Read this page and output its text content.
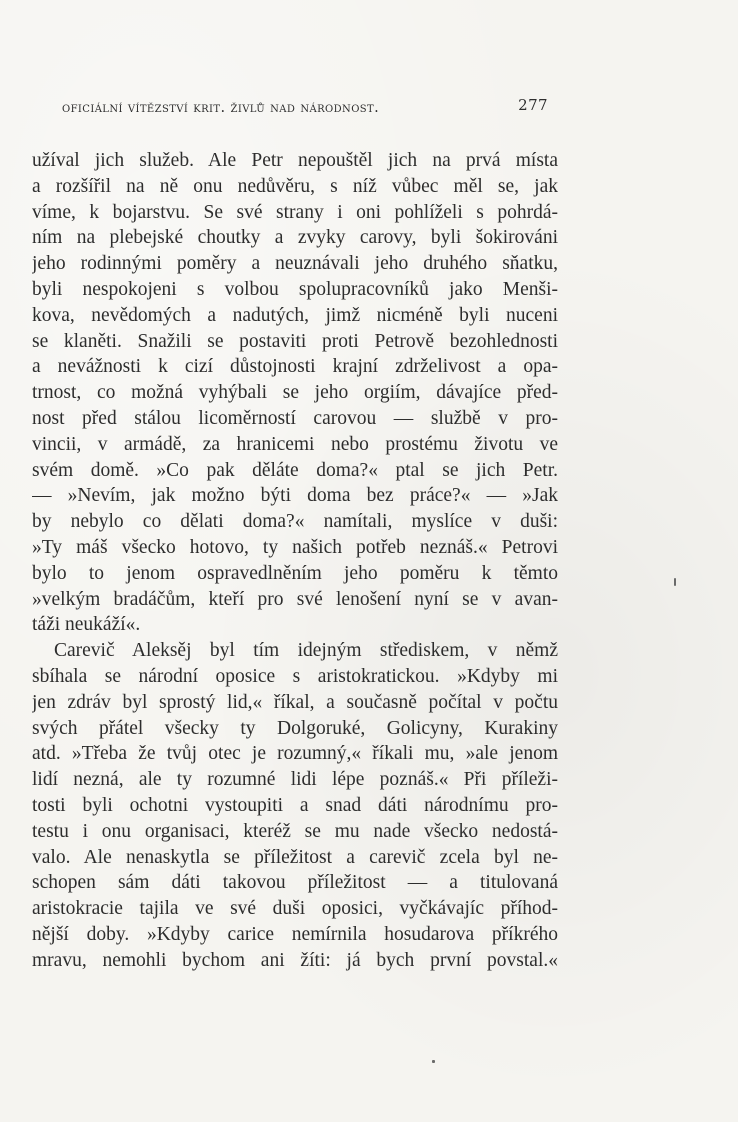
oficiální vítězství krit. živlů nad národnost.	277
užíval jich služeb. Ale Petr nepouštěl jich na prvá místa
a rozšířil na ně onu nedůvěru, s níž vůbec měl se, jak
víme, k bojarstvu. Se své strany i oni pohlíželi s pohrdá-
ním na plebejské choutky a zvyky carovy, byli šokirováni
jeho rodinnými poměry a neuznávali jeho druhého sňatku,
byli nespokojeni s volbou spolupracovníků jako Menši-
kova, nevědomých a nadutých, jimž nicméně byli nuceni
se klaněti. Snažili se postaviti proti Petrově bezohlednosti
a nevážnosti k cizí důstojnosti krajní zdrželivost a opa-
trnost, co možná vyhýbali se jeho orgiím, dávajíce před-
nost před stálou licoměrností carovou — službě v pro-
vincii, v armádě, za hranicemi nebo prostému životu ve
svém domě. »Co pak děláte doma?« ptal se jich Petr.
— »Nevím, jak možno býti doma bez práce?« — »Jak
by nebylo co dělati doma?« namítali, myslíce v duši:
»Ty máš všecko hotovo, ty našich potřeb neznáš.« Petrovi
bylo to jenom ospravedlněním jeho poměru k těmto
»velkým bradáčům, kteří pro své lenošení nyní se v avan-
táži neukáží«.
Carevič Aleksěj byl tím idejným střediskem, v němž
sbíhala se národní oposice s aristokratickou. »Kdyby mi
jen zdráv byl sprostý lid,« říkal, a současně počítal v počtu
svých přátel všecky ty Dolgoruké, Golicyny, Kurakiny
atd. »Třeba že tvůj otec je rozumný,« říkali mu, »ale jenom
lidí nezná, ale ty rozumné lidi lépe poznáš.« Při příleži-
tosti byli ochotni vystoupiti a snad dáti národnímu pro-
testu i onu organisaci, kteréž se mu nade všecko nedostá-
valo. Ale nenaskytla se příležitost a carevič zcela byl ne-
schopen sám dáti takovou příležitost — a titulovaná
aristokracie tajila ve své duši oposici, vyčkávajíc příhod-
nější doby. »Kdyby carice nemírnila hosudarova příkrého
mravu, nemohli bychom ani žíti: já bych první povstal.«
